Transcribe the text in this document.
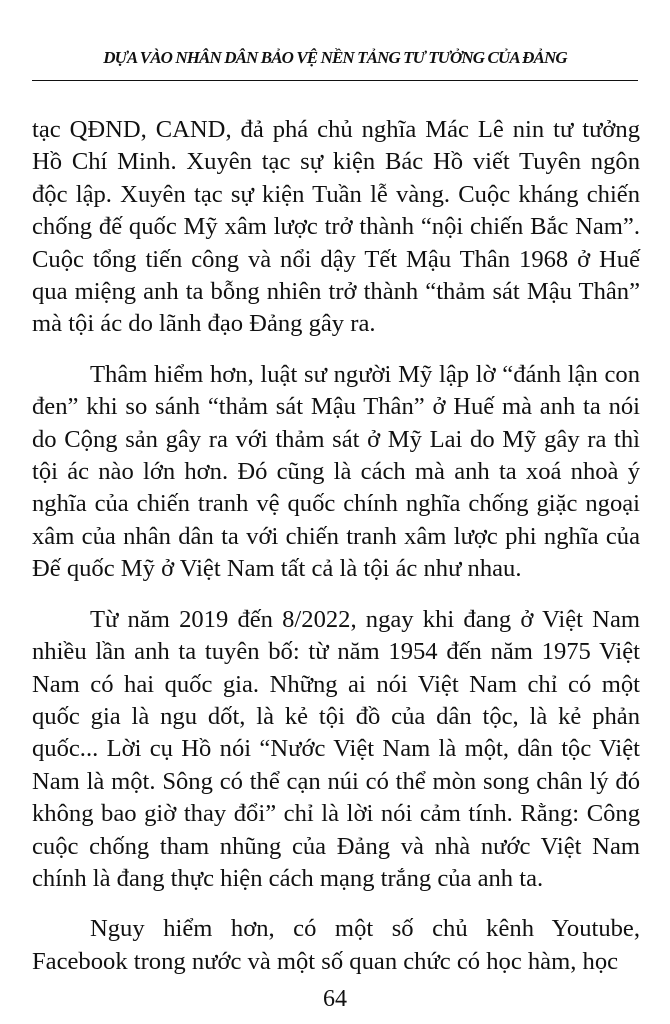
DỰA VÀO NHÂN DÂN BẢO VỆ NỀN TẢNG TƯ TƯỞNG CỦA ĐẢNG

tạc QĐND, CAND, đả phá chủ nghĩa Mác Lê nin tư tưởng Hồ Chí Minh. Xuyên tạc sự kiện Bác Hồ viết Tuyên ngôn độc lập. Xuyên tạc sự kiện Tuần lễ vàng. Cuộc kháng chiến chống đế quốc Mỹ xâm lược trở thành “nội chiến Bắc Nam”. Cuộc tổng tiến công và nổi dậy Tết Mậu Thân 1968 ở Huế qua miệng anh ta bỗng nhiên trở thành “thảm sát Mậu Thân” mà tội ác do lãnh đạo Đảng gây ra.

Thâm hiểm hơn, luật sư người Mỹ lập lờ “đánh lận con đen” khi so sánh “thảm sát Mậu Thân” ở Huế mà anh ta nói do Cộng sản gây ra với thảm sát ở Mỹ Lai do Mỹ gây ra thì tội ác nào lớn hơn. Đó cũng là cách mà anh ta xoá nhoà ý nghĩa của chiến tranh vệ quốc chính nghĩa chống giặc ngoại xâm của nhân dân ta với chiến tranh xâm lược phi nghĩa của Đế quốc Mỹ ở Việt Nam tất cả là tội ác như nhau.

Từ năm 2019 đến 8/2022, ngay khi đang ở Việt Nam nhiều lần anh ta tuyên bố: từ năm 1954 đến năm 1975 Việt Nam có hai quốc gia. Những ai nói Việt Nam chỉ có một quốc gia là ngu dốt, là kẻ tội đồ của dân tộc, là kẻ phản quốc... Lời cụ Hồ nói “Nước Việt Nam là một, dân tộc Việt Nam là một. Sông có thể cạn núi có thể mòn song chân lý đó không bao giờ thay đổi” chỉ là lời nói cảm tính. Rằng: Công cuộc chống tham nhũng của Đảng và nhà nước Việt Nam chính là đang thực hiện cách mạng trắng của anh ta.

Nguy hiểm hơn, có một số chủ kênh Youtube, Facebook trong nước và một số quan chức có học hàm, học

64
